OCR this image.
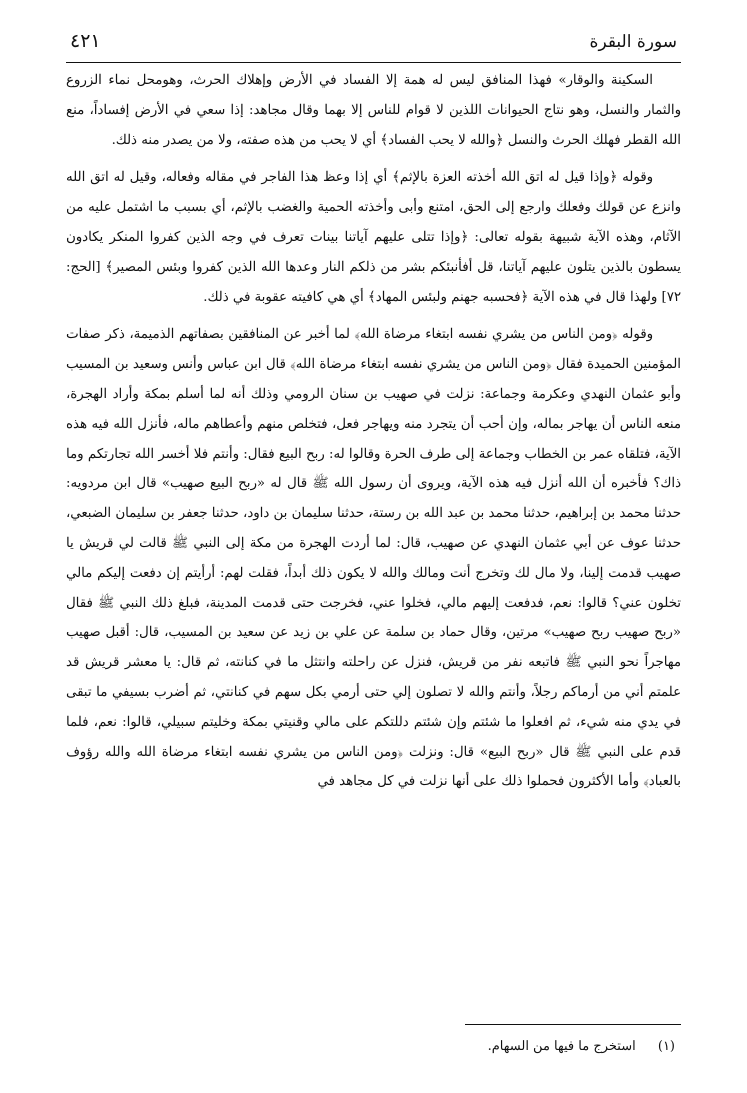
سورة البقرة
٤٢١

السكينة والوقار» فهذا المنافق ليس له همة إلا الفساد في الأرض وإهلاك الحرث، وهومحل نماء الزروع والثمار والنسل، وهو نتاج الحيوانات اللذين لا قوام للناس إلا بهما وقال مجاهد: إذا سعي في الأرض إفساداً، منع الله القطر فهلك الحرث والنسل ﴿والله لا يحب الفساد﴾ أي لا يحب من هذه صفته، ولا من يصدر منه ذلك.

وقوله ﴿وإذا قيل له اتق الله أخذته العزة بالإثم﴾ أي إذا وعظ هذا الفاجر في مقاله وفعاله، وقيل له اتق الله وانزع عن قولك وفعلك وارجع إلى الحق، امتنع وأبى وأخذته الحمية والغضب بالإثم، أي بسبب ما اشتمل عليه من الآثام، وهذه الآية شبيهة بقوله تعالى: ﴿وإذا تتلى عليهم آياتنا بينات تعرف في وجه الذين كفروا المنكر يكادون يسطون بالذين يتلون عليهم آياتنا، قل أفأنبئكم بشر من ذلكم النار وعدها الله الذين كفروا وبئس المصير﴾ [الحج: ٧٢] ولهذا قال في هذه الآية ﴿فحسبه جهنم ولبئس المهاد﴾ أي هي كافيته عقوبة في ذلك.

وقوله ﴿ومن الناس من يشري نفسه ابتغاء مرضاة الله﴾ لما أخبر عن المنافقين بصفاتهم الذميمة، ذكر صفات المؤمنين الحميدة فقال ﴿ومن الناس من يشري نفسه ابتغاء مرضاة الله﴾ قال ابن عباس وأنس وسعيد بن المسيب وأبو عثمان النهدي وعكرمة وجماعة: نزلت في صهيب بن سنان الرومي وذلك أنه لما أسلم بمكة وأراد الهجرة، منعه الناس أن يهاجر بماله، وإن أحب أن يتجرد منه ويهاجر فعل، فتخلص منهم وأعطاهم ماله، فأنزل الله فيه هذه الآية، فتلقاه عمر بن الخطاب وجماعة إلى طرف الحرة وقالوا له: ربح البيع فقال: وأنتم فلا أخسر الله تجارتكم وما ذاك؟ فأخبره أن الله أنزل فيه هذه الآية، ويروى أن رسول الله ﷺ قال له «ربح البيع صهيب» قال ابن مردويه: حدثنا محمد بن إبراهيم، حدثنا محمد بن عبد الله بن رستة، حدثنا سليمان بن داود، حدثنا جعفر بن سليمان الضبعي، حدثنا عوف عن أبي عثمان النهدي عن صهيب، قال: لما أردت الهجرة من مكة إلى النبي ﷺ قالت لي قريش يا صهيب قدمت إلينا، ولا مال لك وتخرج أنت ومالك والله لا يكون ذلك أبداً، فقلت لهم: أرأيتم إن دفعت إليكم مالي تخلون عني؟ قالوا: نعم، فدفعت إليهم مالي، فخلوا عني، فخرجت حتى قدمت المدينة، فبلغ ذلك النبي ﷺ فقال «ربح صهيب ربح صهيب» مرتين، وقال حماد بن سلمة عن علي بن زيد عن سعيد بن المسيب، قال: أقبل صهيب مهاجراً نحو النبي ﷺ فاتبعه نفر من قريش، فنزل عن راحلته وانتثل ما في كنانته، ثم قال: يا معشر قريش قد علمتم أني من أرماكم رجلاً، وأنتم والله لا تصلون إلي حتى أرمي بكل سهم في كنانتي، ثم أضرب بسيفي ما تبقى في يدي منه شيء، ثم افعلوا ما شئتم وإن شئتم دللتكم على مالي وقنيتي بمكة وخليتم سبيلي، قالوا: نعم، فلما قدم على النبي ﷺ قال «ربح البيع» قال: ونزلت ﴿ومن الناس من يشري نفسه ابتغاء مرضاة الله والله رؤوف بالعباد﴾ وأما الأكثرون فحملوا ذلك على أنها نزلت في كل مجاهد في

(١) استخرج ما فيها من السهام.
